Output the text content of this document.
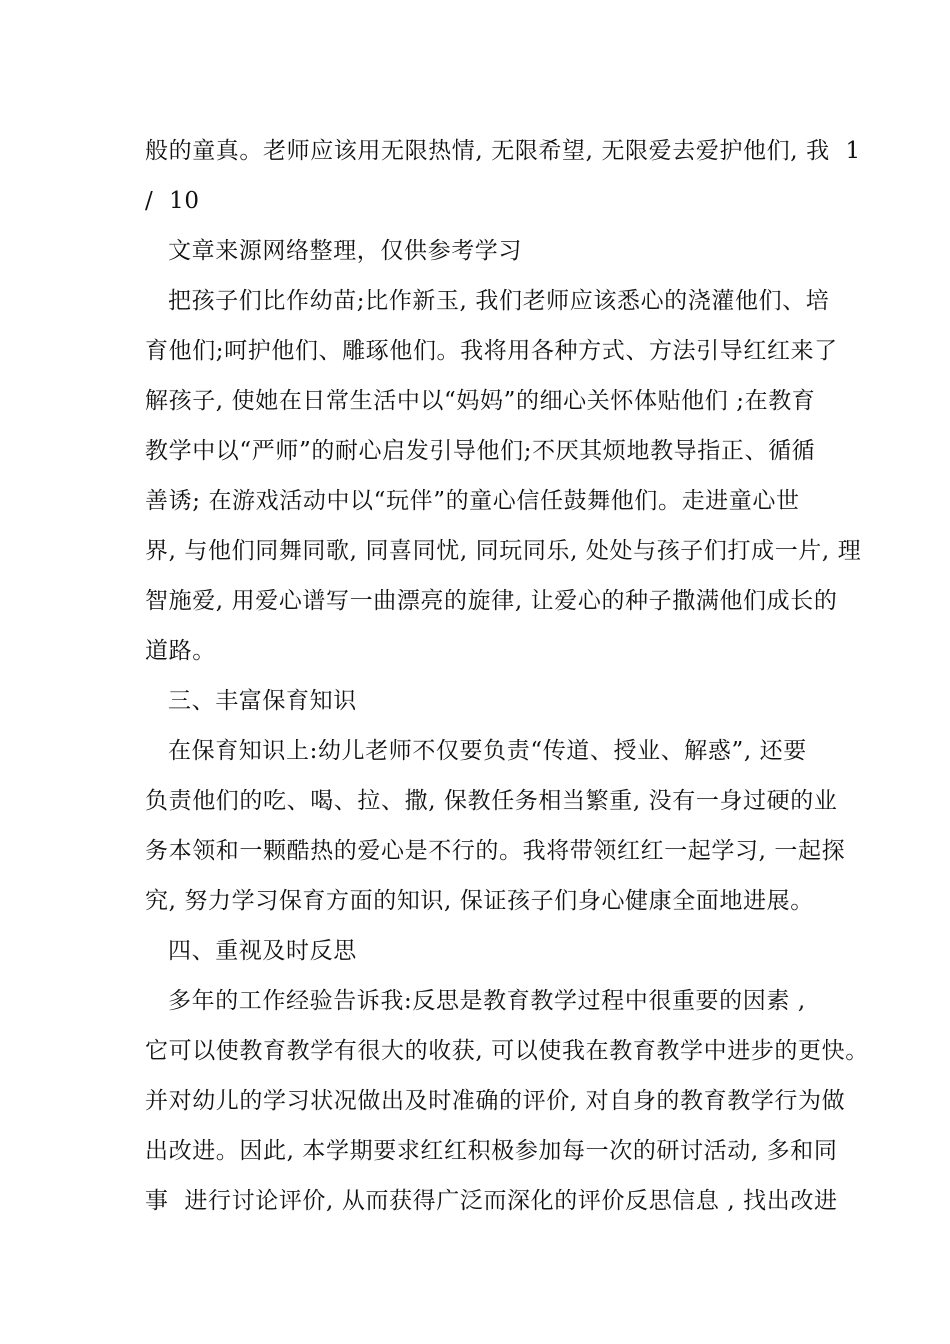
般的童真。老师应该用无限热情, 无限希望, 无限爱去爱护他们, 我  1
/  10
文章来源网络整理，仅供参考学习
把孩子们比作幼苗;比作新玉, 我们老师应该悉心的浇灌他们、培
育他们;呵护他们、雕琢他们。我将用各种方式、方法引导红红来了
解孩子, 使她在日常生活中以“妈妈”的细心关怀体贴他们 ;在教育
教学中以“严师”的耐心启发引导他们;不厌其烦地教导指正、循循
善诱; 在游戏活动中以“玩伴”的童心信任鼓舞他们。走进童心世
界, 与他们同舞同歌, 同喜同忧, 同玩同乐, 处处与孩子们打成一片, 理
智施爱, 用爱心谱写一曲漂亮的旋律, 让爱心的种子撒满他们成长的
道路。
三、丰富保育知识
在保育知识上:幼儿老师不仅要负责“传道、授业、解惑”, 还要
负责他们的吃、喝、拉、撒, 保教任务相当繁重, 没有一身过硬的业
务本领和一颗酷热的爱心是不行的。我将带领红红一起学习, 一起探
究, 努力学习保育方面的知识, 保证孩子们身心健康全面地进展。
四、重视及时反思
多年的工作经验告诉我:反思是教育教学过程中很重要的因素 ,
它可以使教育教学有很大的收获, 可以使我在教育教学中进步的更快。
并对幼儿的学习状况做出及时准确的评价, 对自身的教育教学行为做
出改进。因此, 本学期要求红红积极参加每一次的研讨活动, 多和同
事  进行讨论评价, 从而获得广泛而深化的评价反思信息 , 找出改进
